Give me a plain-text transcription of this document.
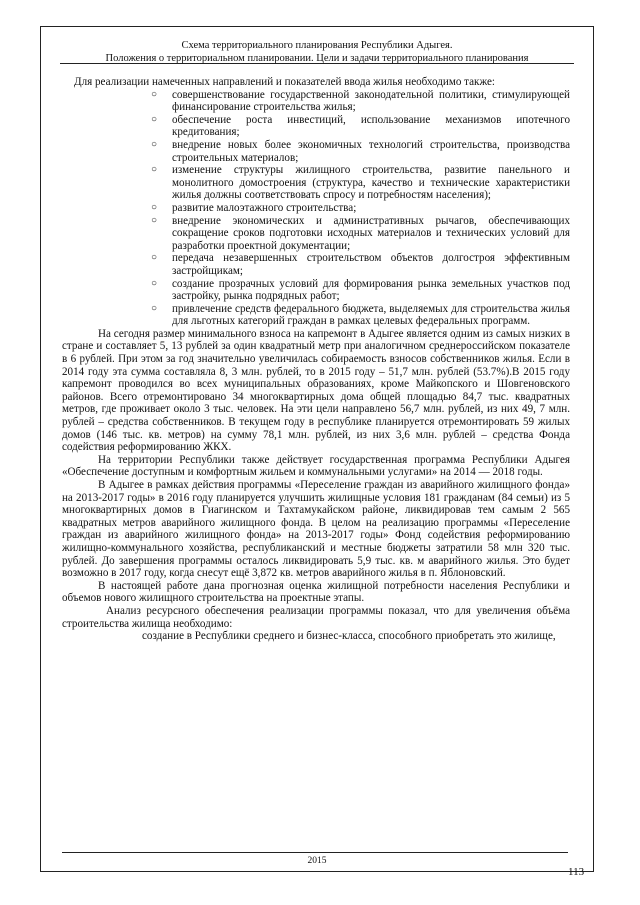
Схема территориального планирования Республики Адыгея.
Положения о территориальном планировании. Цели и задачи территориального планирования

Для реализации намеченных направлений и показателей ввода жилья необходимо также:

○ совершенствование государственной законодательной политики, стимулирующей финансирование строительства жилья;
○ обеспечение роста инвестиций, использование механизмов ипотечного кредитования;
○ внедрение новых более экономичных технологий строительства, производства строительных материалов;
○ изменение структуры жилищного строительства, развитие панельного и монолитного домостроения (структура, качество и технические характеристики жилья должны соответствовать спросу и потребностям населения);
○ развитие малоэтажного строительства;
○ внедрение экономических и административных рычагов, обеспечивающих сокращение сроков подготовки исходных материалов и технических условий для разработки проектной документации;
○ передача незавершенных строительством объектов долгостроя эффективным застройщикам;
○ создание прозрачных условий для формирования рынка земельных участков под застройку, рынка подрядных работ;
○ привлечение средств федерального бюджета, выделяемых для строительства жилья для льготных категорий граждан в рамках целевых федеральных программ.

На сегодня размер минимального взноса на капремонт в Адыгее является одним из самых низких в стране и составляет 5, 13 рублей за один квадратный метр при аналогичном среднероссийском показателе в 6 рублей. При этом за год значительно увеличилась собираемость взносов собственников жилья. Если в 2014 году эта сумма составляла 8, 3 млн. рублей, то в 2015 году – 51,7 млн. рублей (53.7%).В 2015 году капремонт проводился во всех муниципальных образованиях, кроме Майкопского и Шовгеновского районов. Всего отремонтировано 34 многоквартирных дома общей площадью 84,7 тыс. квадратных метров, где проживает около 3 тыс. человек. На эти цели направлено 56,7 млн. рублей, из них 49, 7 млн. рублей – средства собственников. В текущем году в республике планируется отремонтировать 59 жилых домов (146 тыс. кв. метров) на сумму 78,1 млн. рублей, из них 3,6 млн. рублей – средства Фонда содействия реформированию ЖКХ.

На территории Республики также действует государственная программа Республики Адыгея «Обеспечение доступным и комфортным жильем и коммунальными услугами» на 2014 — 2018 годы.

В Адыгее в рамках действия программы «Переселение граждан из аварийного жилищного фонда» на 2013-2017 годы» в 2016 году планируется улучшить жилищные условия 181 гражданам (84 семьи) из 5 многоквартирных домов в Гиагинском и Тахтамукайском районе, ликвидировав тем самым 2 565 квадратных метров аварийного жилищного фонда. В целом на реализацию программы «Переселение граждан из аварийного жилищного фонда» на 2013-2017 годы» Фонд содействия реформированию жилищно-коммунального хозяйства, республиканский и местные бюджеты затратили 58 млн 320 тыс. рублей. До завершения программы осталось ликвидировать 5,9 тыс. кв. м аварийного жилья. Это будет возможно в 2017 году, когда снесут ещё 3,872 кв. метров аварийного жилья в п. Яблоновский.

В настоящей работе дана прогнозная оценка жилищной потребности населения Республики и объемов нового жилищного строительства на проектные этапы.

Анализ ресурсного обеспечения реализации программы показал, что для увеличения объёма строительства жилища необходимо:

создание в Республики среднего и бизнес-класса, способного приобретать это жилище,

2015
113
